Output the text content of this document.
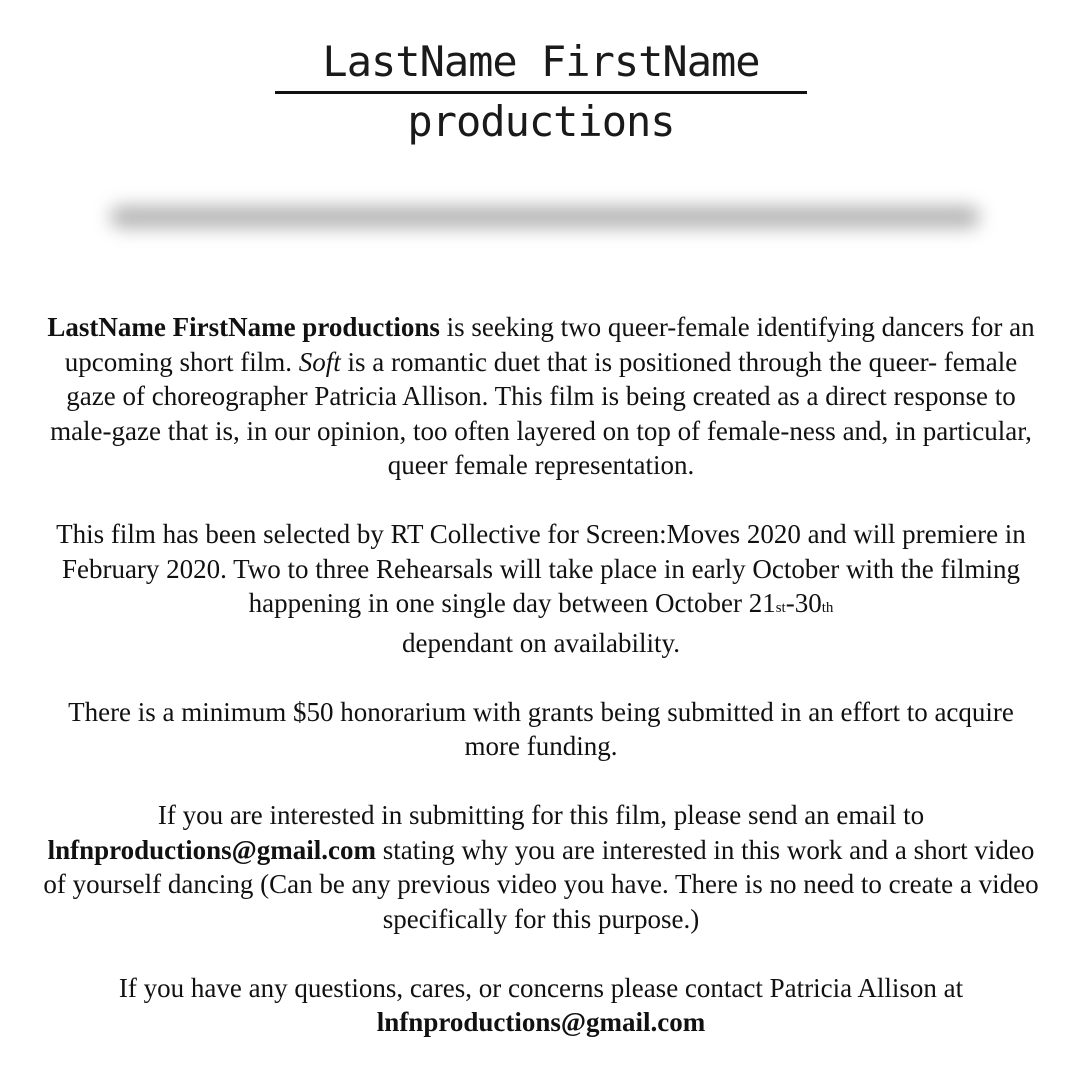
LastName FirstName
productions

LastName FirstName productions is seeking two queer-female identifying dancers for an upcoming short film. Soft is a romantic duet that is positioned through the queer- female gaze of choreographer Patricia Allison. This film is being created as a direct response to male-gaze that is, in our opinion, too often layered on top of female-ness and, in particular, queer female representation.

This film has been selected by RT Collective for Screen:Moves 2020 and will premiere in February 2020. Two to three Rehearsals will take place in early October with the filming happening in one single day between October 21st-30th
dependant on availability.

There is a minimum $50 honorarium with grants being submitted in an effort to acquire more funding.

If you are interested in submitting for this film, please send an email to
lnfnproductions@gmail.com stating why you are interested in this work and a short video of yourself dancing (Can be any previous video you have. There is no need to create a video specifically for this purpose.)

If you have any questions, cares, or concerns please contact Patricia Allison at
lnfnproductions@gmail.com
